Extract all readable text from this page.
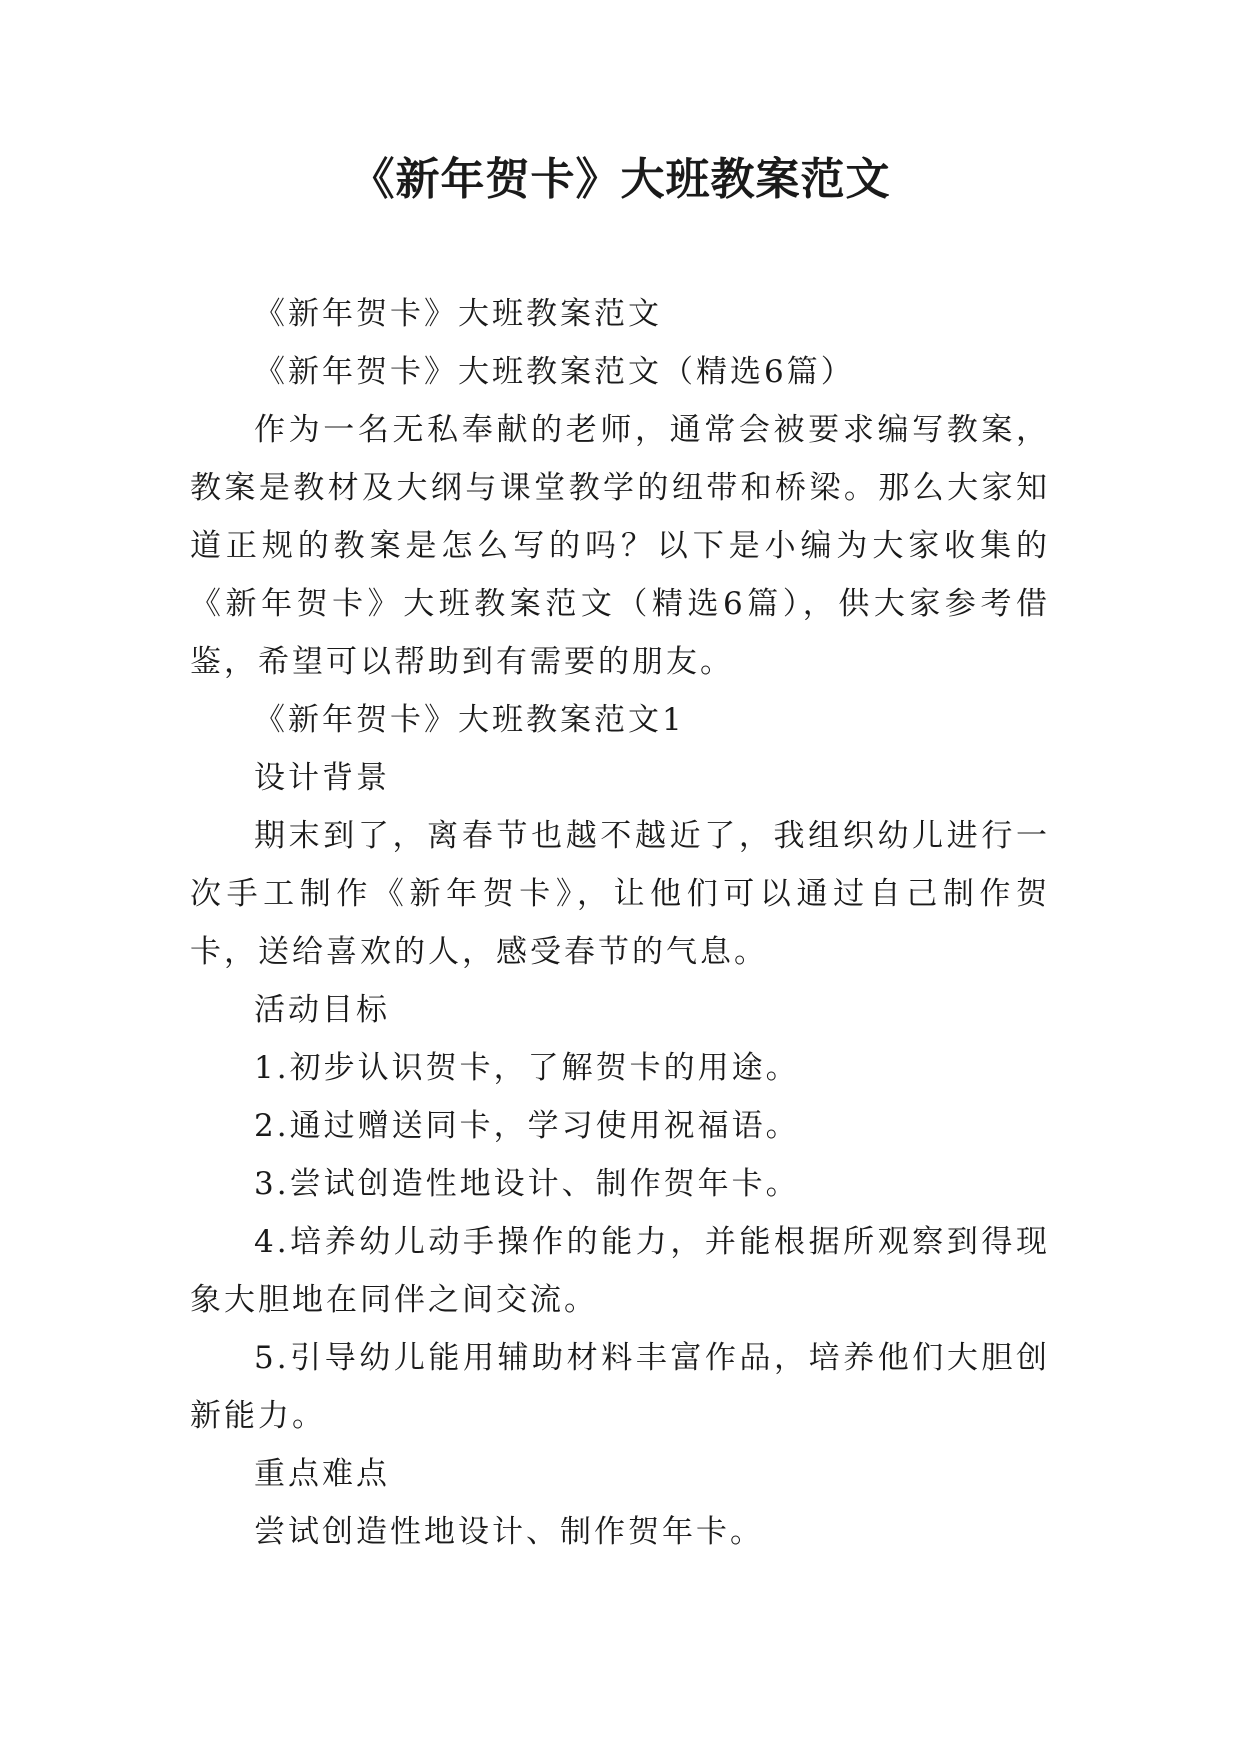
《新年贺卡》大班教案范文

《新年贺卡》大班教案范文

《新年贺卡》大班教案范文（精选6篇）

作为一名无私奉献的老师，通常会被要求编写教案，教案是教材及大纲与课堂教学的纽带和桥梁。那么大家知道正规的教案是怎么写的吗？以下是小编为大家收集的《新年贺卡》大班教案范文（精选6篇），供大家参考借鉴，希望可以帮助到有需要的朋友。

《新年贺卡》大班教案范文1

设计背景

期末到了，离春节也越不越近了，我组织幼儿进行一次手工制作《新年贺卡》，让他们可以通过自己制作贺卡，送给喜欢的人，感受春节的气息。

活动目标

1.初步认识贺卡，了解贺卡的用途。

2.通过赠送同卡，学习使用祝福语。

3.尝试创造性地设计、制作贺年卡。

4.培养幼儿动手操作的能力，并能根据所观察到得现象大胆地在同伴之间交流。

5.引导幼儿能用辅助材料丰富作品，培养他们大胆创新能力。

重点难点

尝试创造性地设计、制作贺年卡。
